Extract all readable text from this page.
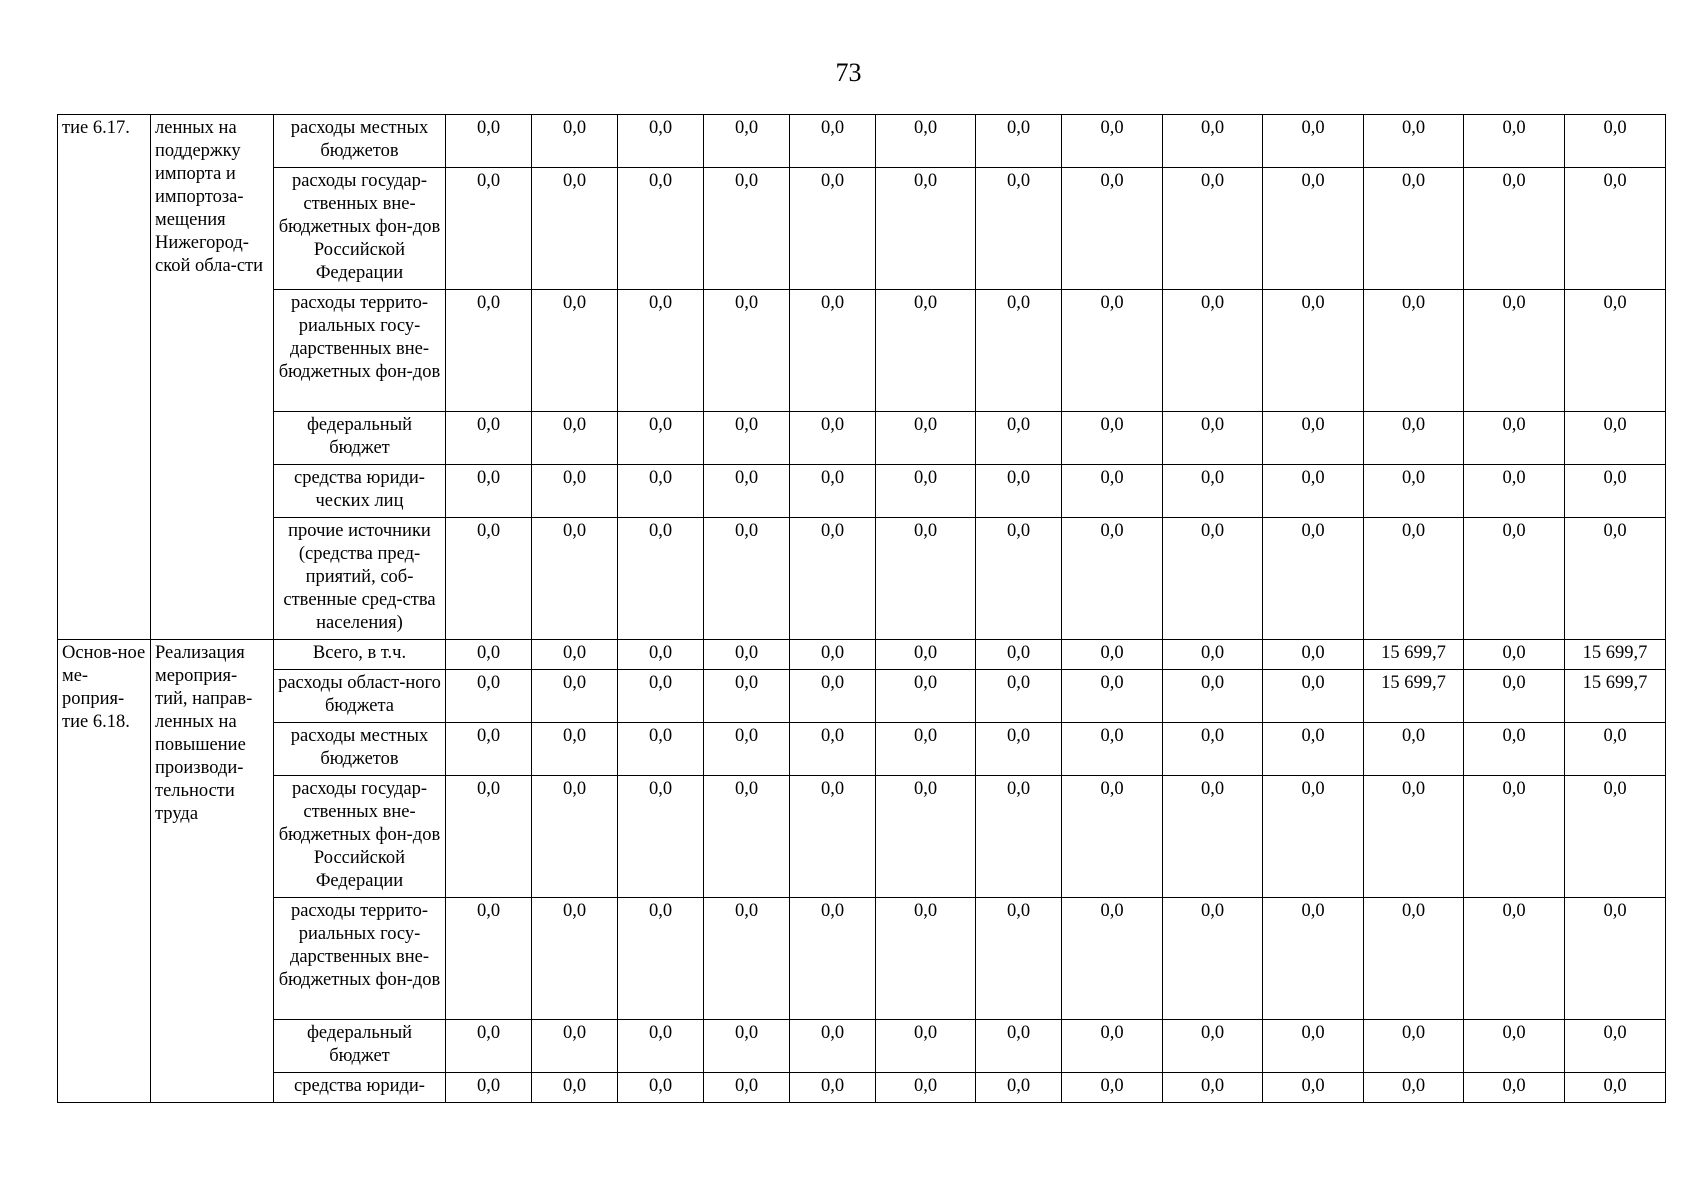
73
тие 6.17.	ленных на поддержку импорта и импортоза-мещения Нижегород-ской обла-сти	расходы местных бюджетов	0,0	0,0	0,0	0,0	0,0	0,0	0,0	0,0	0,0	0,0	0,0	0,0	0,0
		расходы государ-ственных вне-бюджетных фон-дов Российской Федерации	0,0	0,0	0,0	0,0	0,0	0,0	0,0	0,0	0,0	0,0	0,0	0,0	0,0
		расходы террито-риальных госу-дарственных вне-бюджетных фон-дов	0,0	0,0	0,0	0,0	0,0	0,0	0,0	0,0	0,0	0,0	0,0	0,0	0,0
		федеральный бюджет	0,0	0,0	0,0	0,0	0,0	0,0	0,0	0,0	0,0	0,0	0,0	0,0	0,0
		средства юриди-ческих лиц	0,0	0,0	0,0	0,0	0,0	0,0	0,0	0,0	0,0	0,0	0,0	0,0	0,0
		прочие источники (средства пред-приятий, соб-ственные сред-ства населения)	0,0	0,0	0,0	0,0	0,0	0,0	0,0	0,0	0,0	0,0	0,0	0,0	0,0
Основ-ное ме-роприя-тие 6.18.	Реализация мероприя-тий, направ-ленных на повышение производи-тельности труда	Всего, в т.ч.	0,0	0,0	0,0	0,0	0,0	0,0	0,0	0,0	0,0	0,0	15 699,7	0,0	15 699,7
		расходы област-ного бюджета	0,0	0,0	0,0	0,0	0,0	0,0	0,0	0,0	0,0	0,0	15 699,7	0,0	15 699,7
		расходы местных бюджетов	0,0	0,0	0,0	0,0	0,0	0,0	0,0	0,0	0,0	0,0	0,0	0,0	0,0
		расходы государ-ственных вне-бюджетных фон-дов Российской Федерации	0,0	0,0	0,0	0,0	0,0	0,0	0,0	0,0	0,0	0,0	0,0	0,0	0,0
		расходы террито-риальных госу-дарственных вне-бюджетных фон-дов	0,0	0,0	0,0	0,0	0,0	0,0	0,0	0,0	0,0	0,0	0,0	0,0	0,0
		федеральный бюджет	0,0	0,0	0,0	0,0	0,0	0,0	0,0	0,0	0,0	0,0	0,0	0,0	0,0
		средства юриди-	0,0	0,0	0,0	0,0	0,0	0,0	0,0	0,0	0,0	0,0	0,0	0,0	0,0
